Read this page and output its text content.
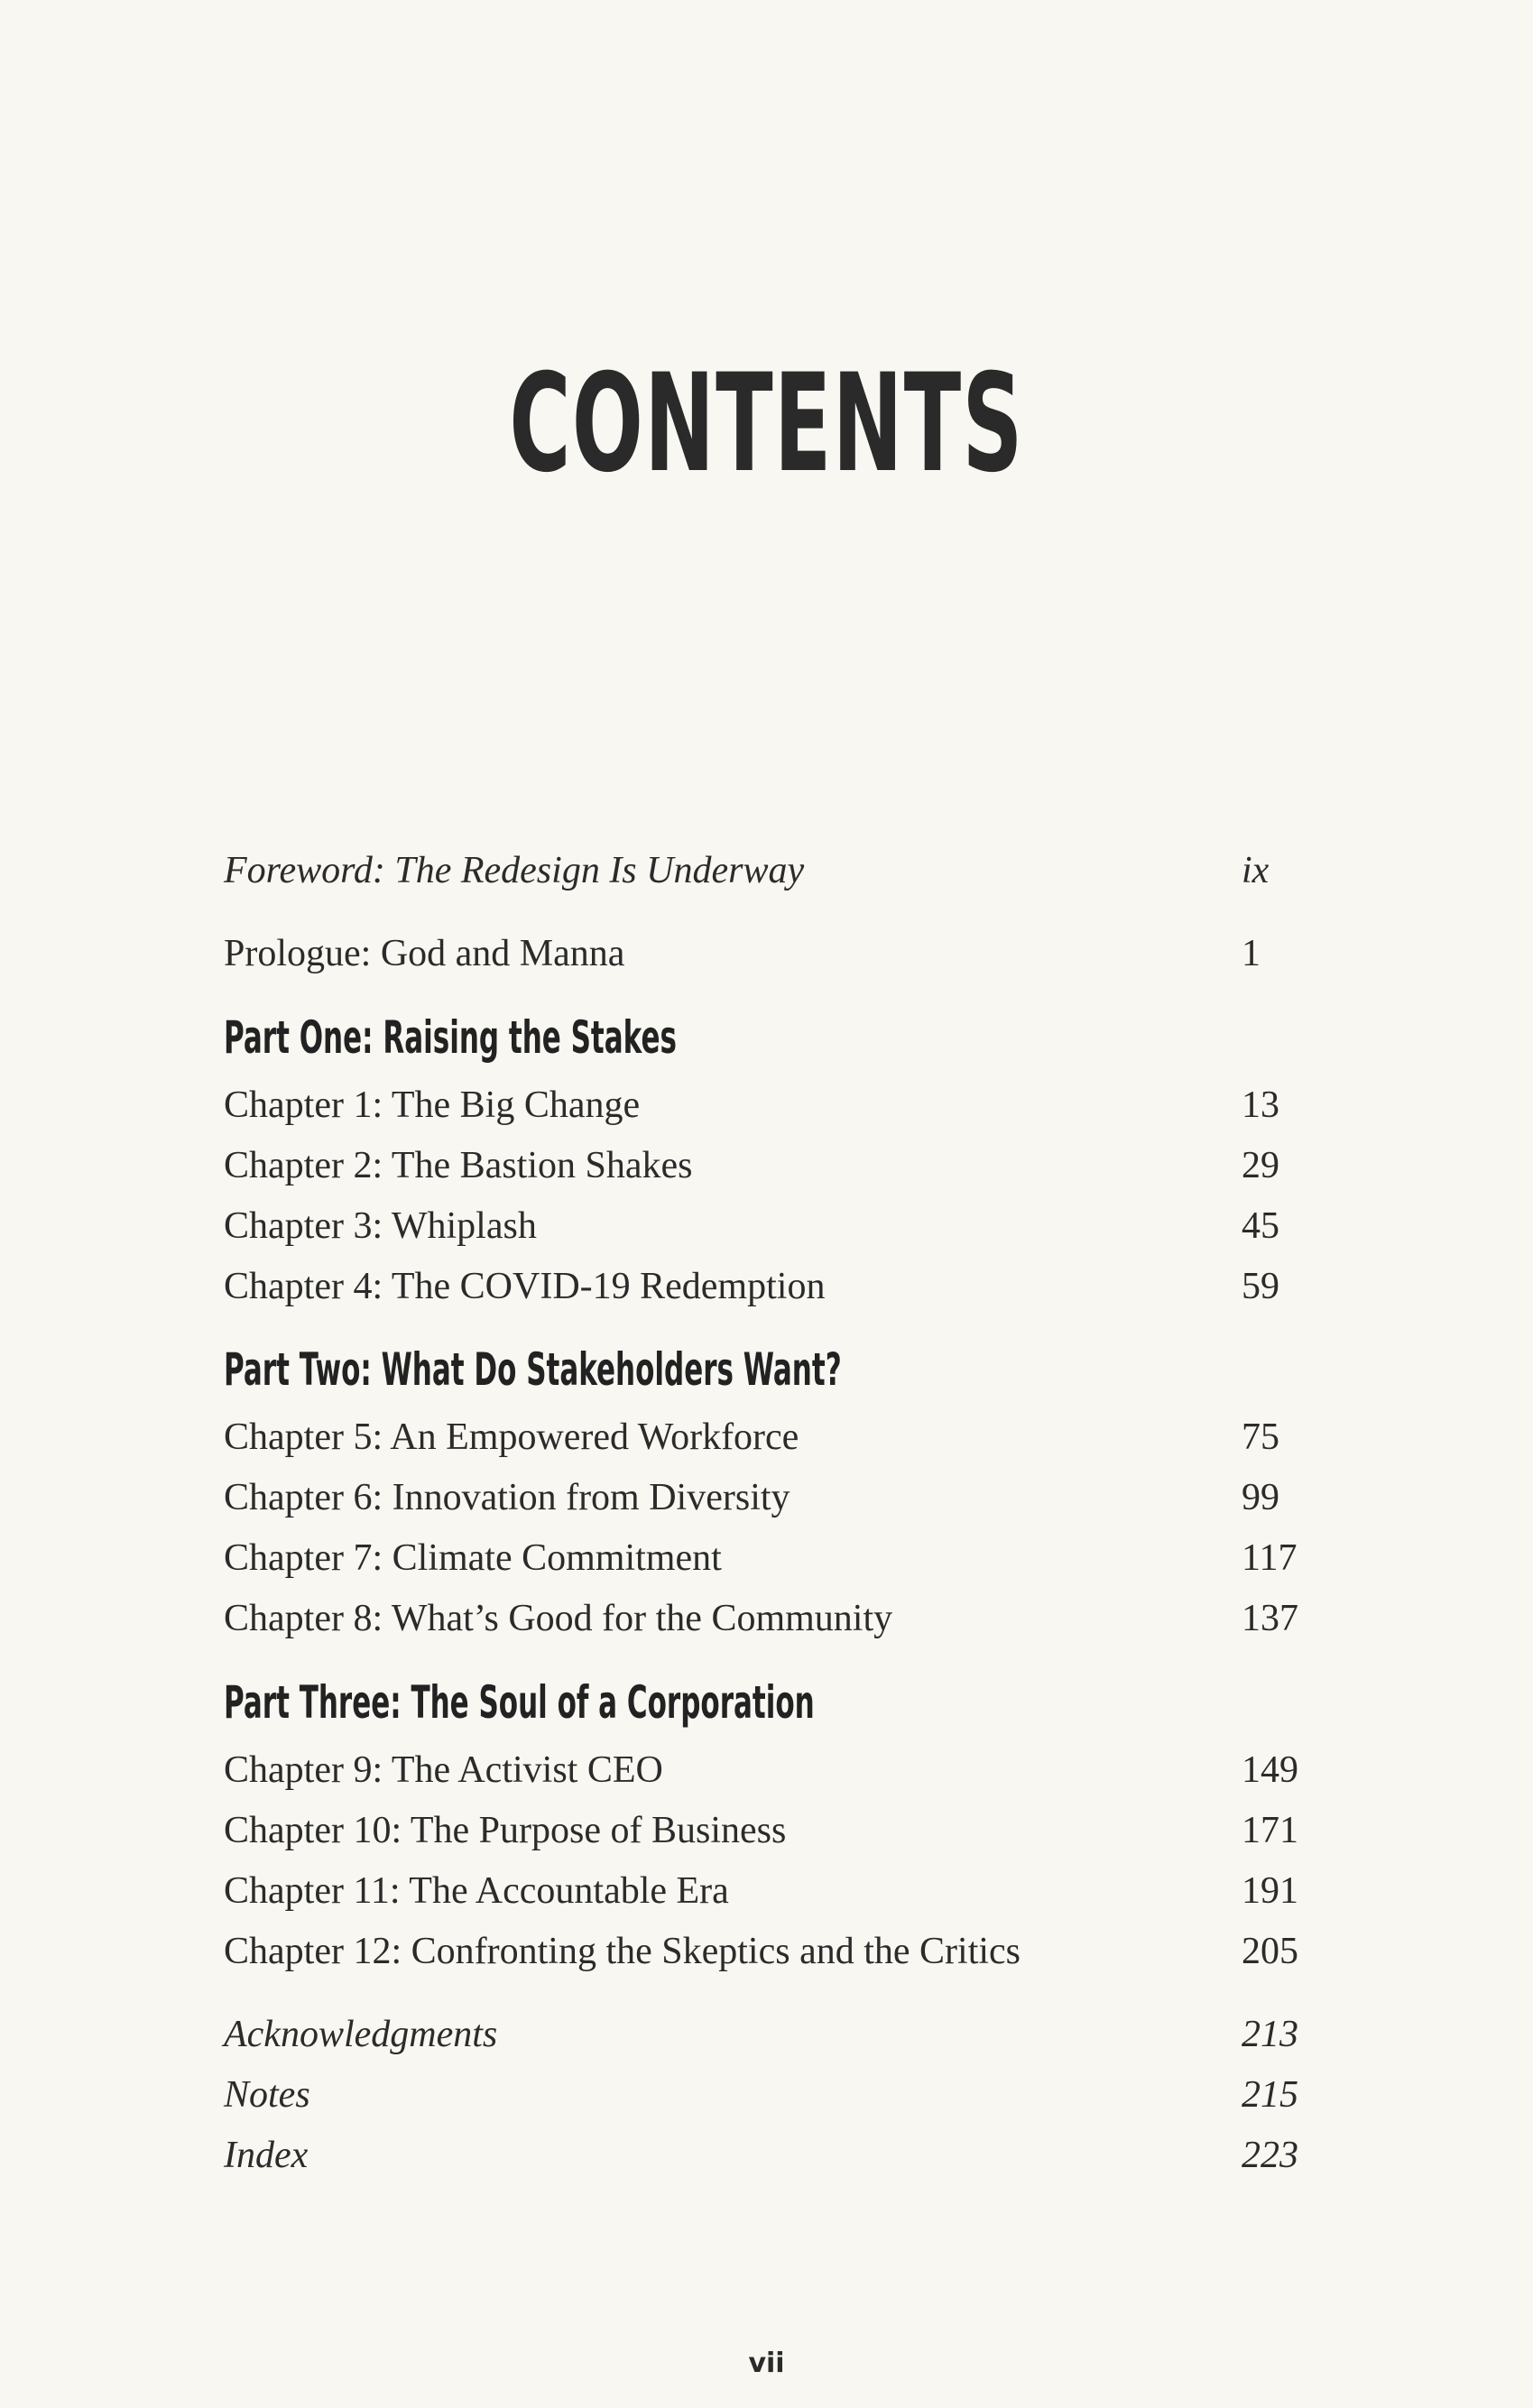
CONTENTS
Foreword: The Redesign Is Underway	ix
Prologue: God and Manna	1
Part One: Raising the Stakes
Chapter 1: The Big Change	13
Chapter 2: The Bastion Shakes	29
Chapter 3: Whiplash	45
Chapter 4: The COVID-19 Redemption	59
Part Two: What Do Stakeholders Want?
Chapter 5: An Empowered Workforce	75
Chapter 6: Innovation from Diversity	99
Chapter 7: Climate Commitment	117
Chapter 8: What’s Good for the Community	137
Part Three: The Soul of a Corporation
Chapter 9: The Activist CEO	149
Chapter 10: The Purpose of Business	171
Chapter 11: The Accountable Era	191
Chapter 12: Confronting the Skeptics and the Critics	205
Acknowledgments	213
Notes	215
Index	223
vii
